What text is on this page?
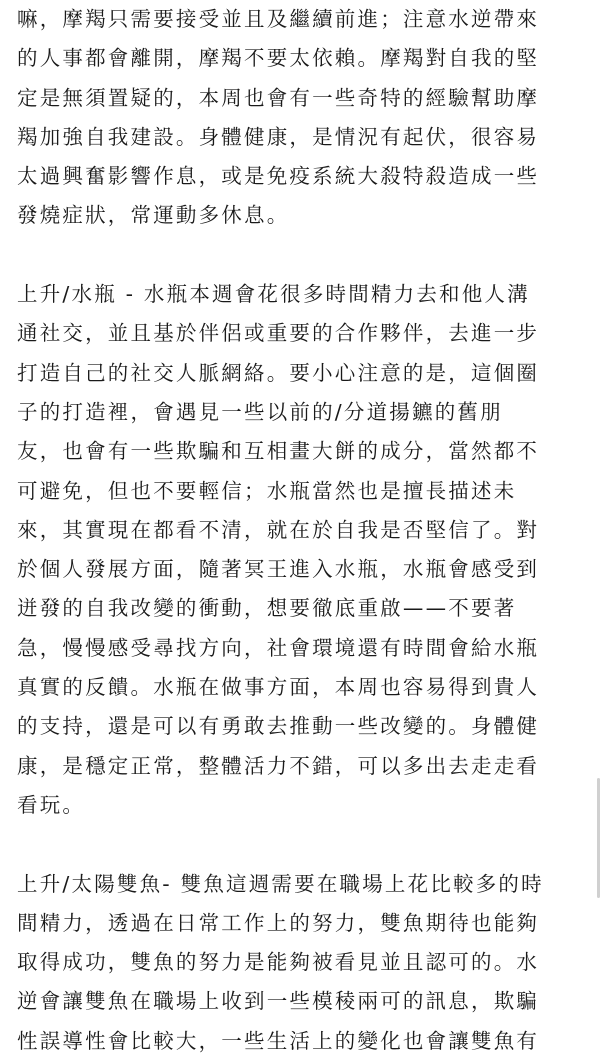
嘛，摩羯只需要接受並且及繼續前進；注意水逆帶來
的人事都會離開，摩羯不要太依賴。摩羯對自我的堅
定是無須置疑的，本周也會有一些奇特的經驗幫助摩
羯加強自我建設。身體健康，是情況有起伏，很容易
太過興奮影響作息，或是免疫系統大殺特殺造成一些
發燒症狀，常運動多休息。
上升/水瓶 - 水瓶本週會花很多時間精力去和他人溝
通社交，並且基於伴侶或重要的合作夥伴，去進一步
打造自己的社交人脈網絡。要小心注意的是，這個圈
子的打造裡，會遇見一些以前的/分道揚鑣的舊朋
友，也會有一些欺騙和互相畫大餅的成分，當然都不
可避免，但也不要輕信；水瓶當然也是擅長描述未
來，其實現在都看不清，就在於自我是否堅信了。對
於個人發展方面，隨著冥王進入水瓶，水瓶會感受到
迸發的自我改變的衝動，想要徹底重啟——不要著
急，慢慢感受尋找方向，社會環境還有時間會給水瓶
真實的反饋。水瓶在做事方面，本周也容易得到貴人
的支持，還是可以有勇敢去推動一些改變的。身體健
康，是穩定正常，整體活力不錯，可以多出去走走看
看玩。
上升/太陽雙魚- 雙魚這週需要在職場上花比較多的時
間精力，透過在日常工作上的努力，雙魚期待也能夠
取得成功，雙魚的努力是能夠被看見並且認可的。水
逆會讓雙魚在職場上收到一些模稜兩可的訊息，欺騙
性誤導性會比較大，一些生活上的變化也會讓雙魚有
